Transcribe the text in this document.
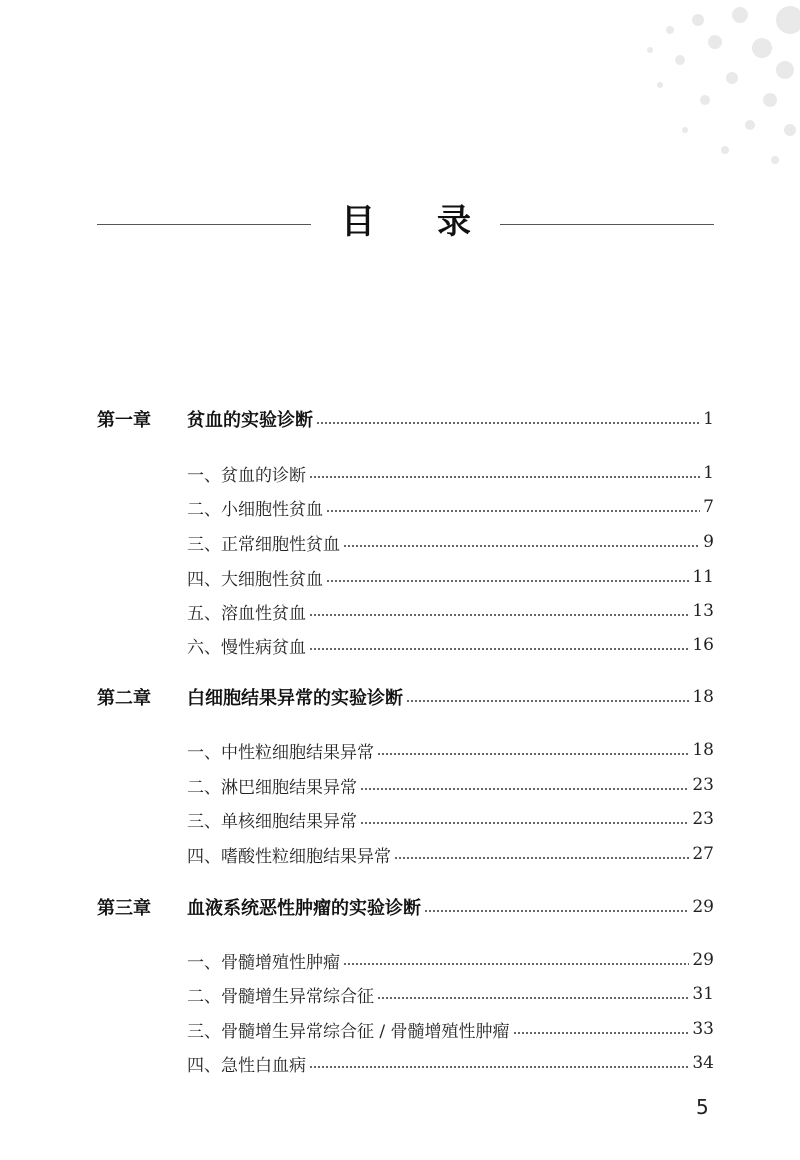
目 录
第一章	贫血的实验诊断	1
一、贫血的诊断	1
二、小细胞性贫血	7
三、正常细胞性贫血	9
四、大细胞性贫血	11
五、溶血性贫血	13
六、慢性病贫血	16
第二章	白细胞结果异常的实验诊断	18
一、中性粒细胞结果异常	18
二、淋巴细胞结果异常	23
三、单核细胞结果异常	23
四、嗜酸性粒细胞结果异常	27
第三章	血液系统恶性肿瘤的实验诊断	29
一、骨髓增殖性肿瘤	29
二、骨髓增生异常综合征	31
三、骨髓增生异常综合征 / 骨髓增殖性肿瘤	33
四、急性白血病	34
5
